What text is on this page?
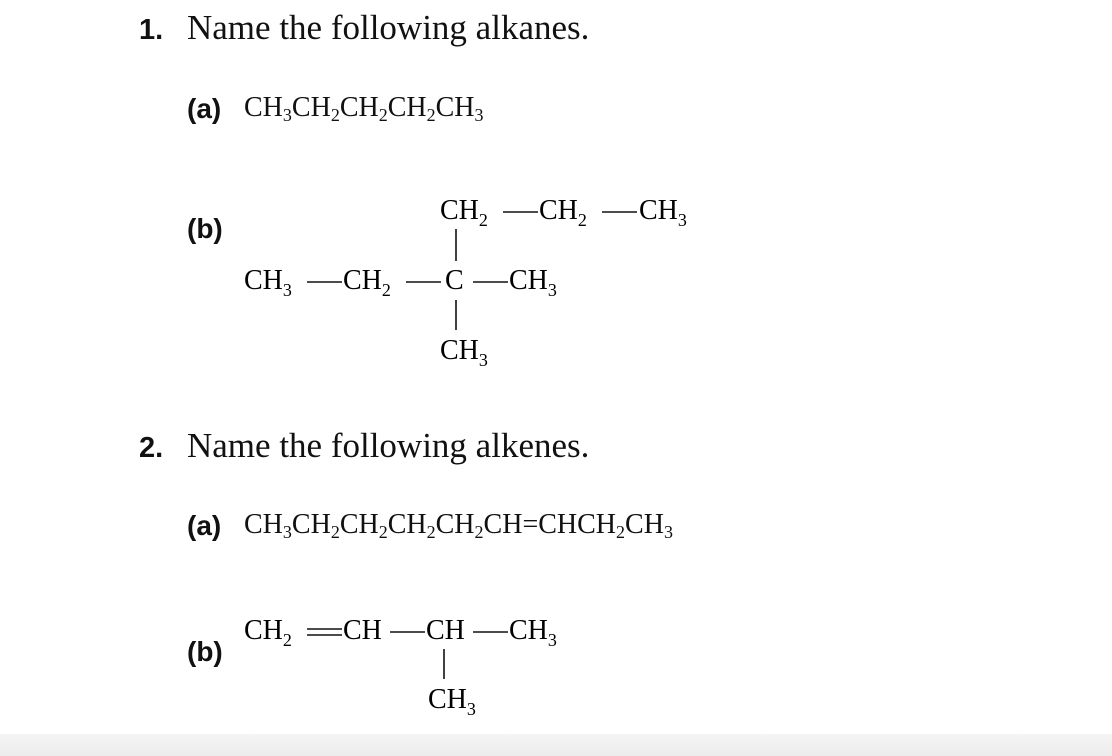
1. Name the following alkanes.
(a) $CH_3CH_2CH_2CH_2CH_3$
(b)
$CH_2$ $CH_2$ $CH_3$
$CH_3$ $CH_2$ C $CH_3$
$CH_3$
2. Name the following alkenes.
(a) $CH_3CH_2CH_2CH_2CH_2CH=CHCH_2CH_3$
(b)
$CH_2$ CH CH $CH_3$
$CH_3$
